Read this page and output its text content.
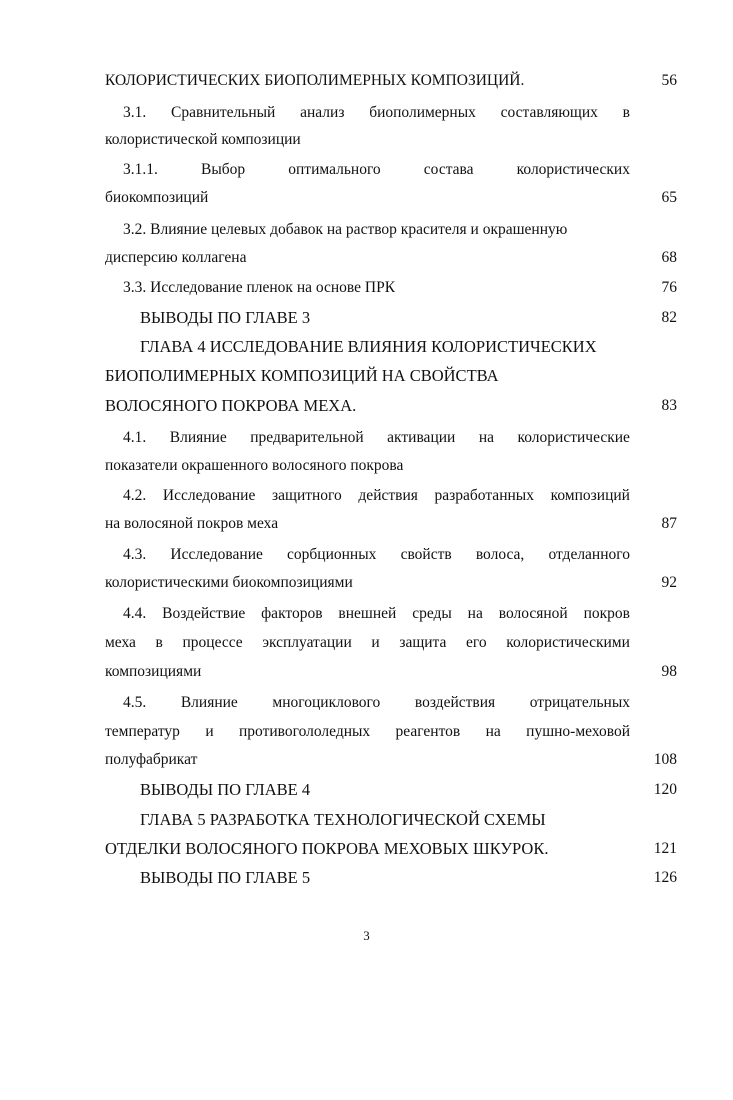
КОЛОРИСТИЧЕСКИХ БИОПОЛИМЕРНЫХ КОМПОЗИЦИЙ.	56
3.1. Сравнительный анализ биополимерных составляющих в
колористической композиции
3.1.1.	Выбор	оптимального	состава	колористических
биокомпозиций	65
3.2. Влияние целевых добавок на раствор красителя и окрашенную
дисперсию коллагена	68
3.3. Исследование пленок на основе ПРК	76
ВЫВОДЫ ПО ГЛАВЕ 3	82
ГЛАВА 4 ИССЛЕДОВАНИЕ ВЛИЯНИЯ КОЛОРИСТИЧЕСКИХ
БИОПОЛИМЕРНЫХ КОМПОЗИЦИЙ НА СВОЙСТВА
ВОЛОСЯНОГО ПОКРОВА МЕХА.	83
4.1. Влияние предварительной активации на колористические
показатели окрашенного волосяного покрова
4.2. Исследование защитного действия разработанных композиций
на волосяной покров меха	87
4.3. Исследование сорбционных свойств волоса, отделанного
колористическими биокомпозициями	92
4.4. Воздействие факторов внешней среды на волосяной покров
меха в процессе эксплуатации и защита его колористическими
композициями	98
4.5. Влияние многоциклового воздействия отрицательных
температур и противогололедных реагентов на пушно-меховой
полуфабрикат	108
ВЫВОДЫ ПО ГЛАВЕ 4	120
ГЛАВА 5 РАЗРАБОТКА ТЕХНОЛОГИЧЕСКОЙ СХЕМЫ
ОТДЕЛКИ ВОЛОСЯНОГО ПОКРОВА МЕХОВЫХ ШКУРОК.	121
ВЫВОДЫ ПО ГЛАВЕ 5	126
3
